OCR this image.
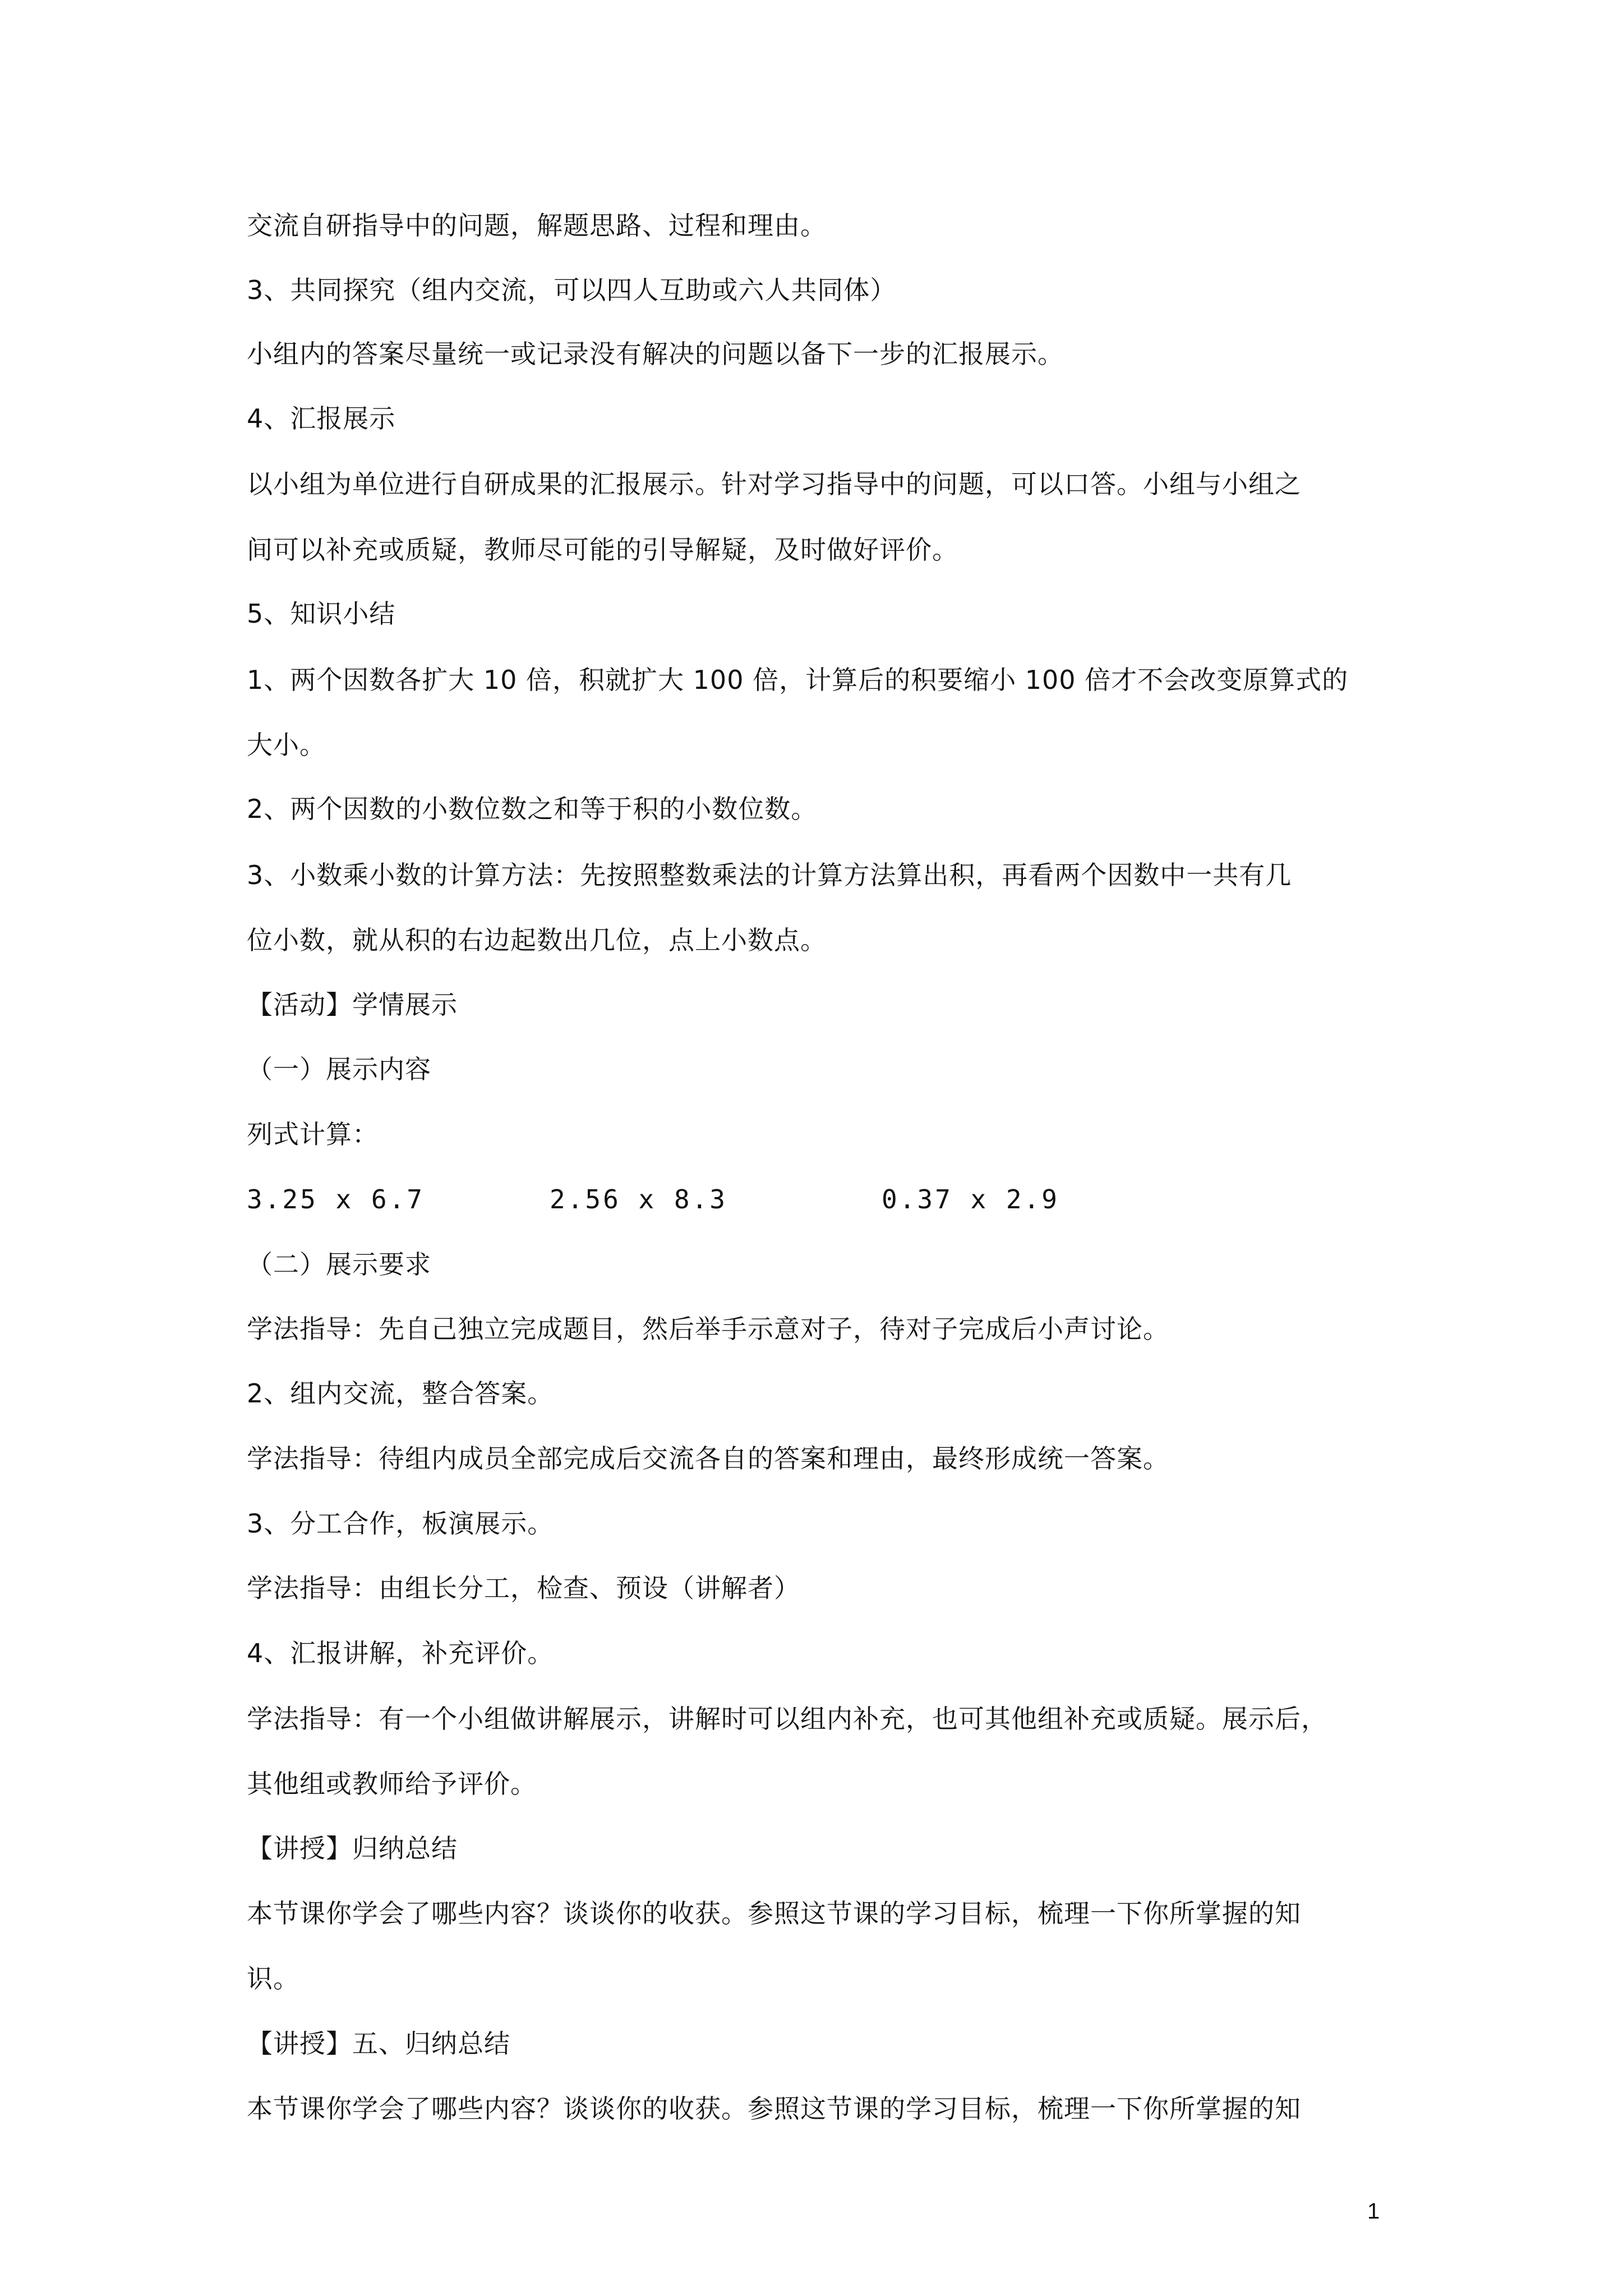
交流自研指导中的问题，解题思路、过程和理由。
3、共同探究（组内交流，可以四人互助或六人共同体）
小组内的答案尽量统一或记录没有解决的问题以备下一步的汇报展示。
4、汇报展示
以小组为单位进行自研成果的汇报展示。针对学习指导中的问题，可以口答。小组与小组之
间可以补充或质疑，教师尽可能的引导解疑，及时做好评价。
5、知识小结
1、两个因数各扩大 10 倍，积就扩大 100 倍，计算后的积要缩小 100 倍才不会改变原算式的
大小。
2、两个因数的小数位数之和等于积的小数位数。
3、小数乘小数的计算方法：先按照整数乘法的计算方法算出积，再看两个因数中一共有几
位小数，就从积的右边起数出几位，点上小数点。
【活动】学情展示
（一）展示内容
列式计算：
3.25 x 6.7	2.56 x 8.3	0.37 x 2.9
（二）展示要求
学法指导：先自己独立完成题目，然后举手示意对子，待对子完成后小声讨论。
2、组内交流，整合答案。
学法指导：待组内成员全部完成后交流各自的答案和理由，最终形成统一答案。
3、分工合作，板演展示。
学法指导：由组长分工，检查、预设（讲解者）
4、汇报讲解，补充评价。
学法指导：有一个小组做讲解展示，讲解时可以组内补充，也可其他组补充或质疑。展示后，
其他组或教师给予评价。
【讲授】归纳总结
本节课你学会了哪些内容？谈谈你的收获。参照这节课的学习目标，梳理一下你所掌握的知
识。
【讲授】五、归纳总结
本节课你学会了哪些内容？谈谈你的收获。参照这节课的学习目标，梳理一下你所掌握的知
1
